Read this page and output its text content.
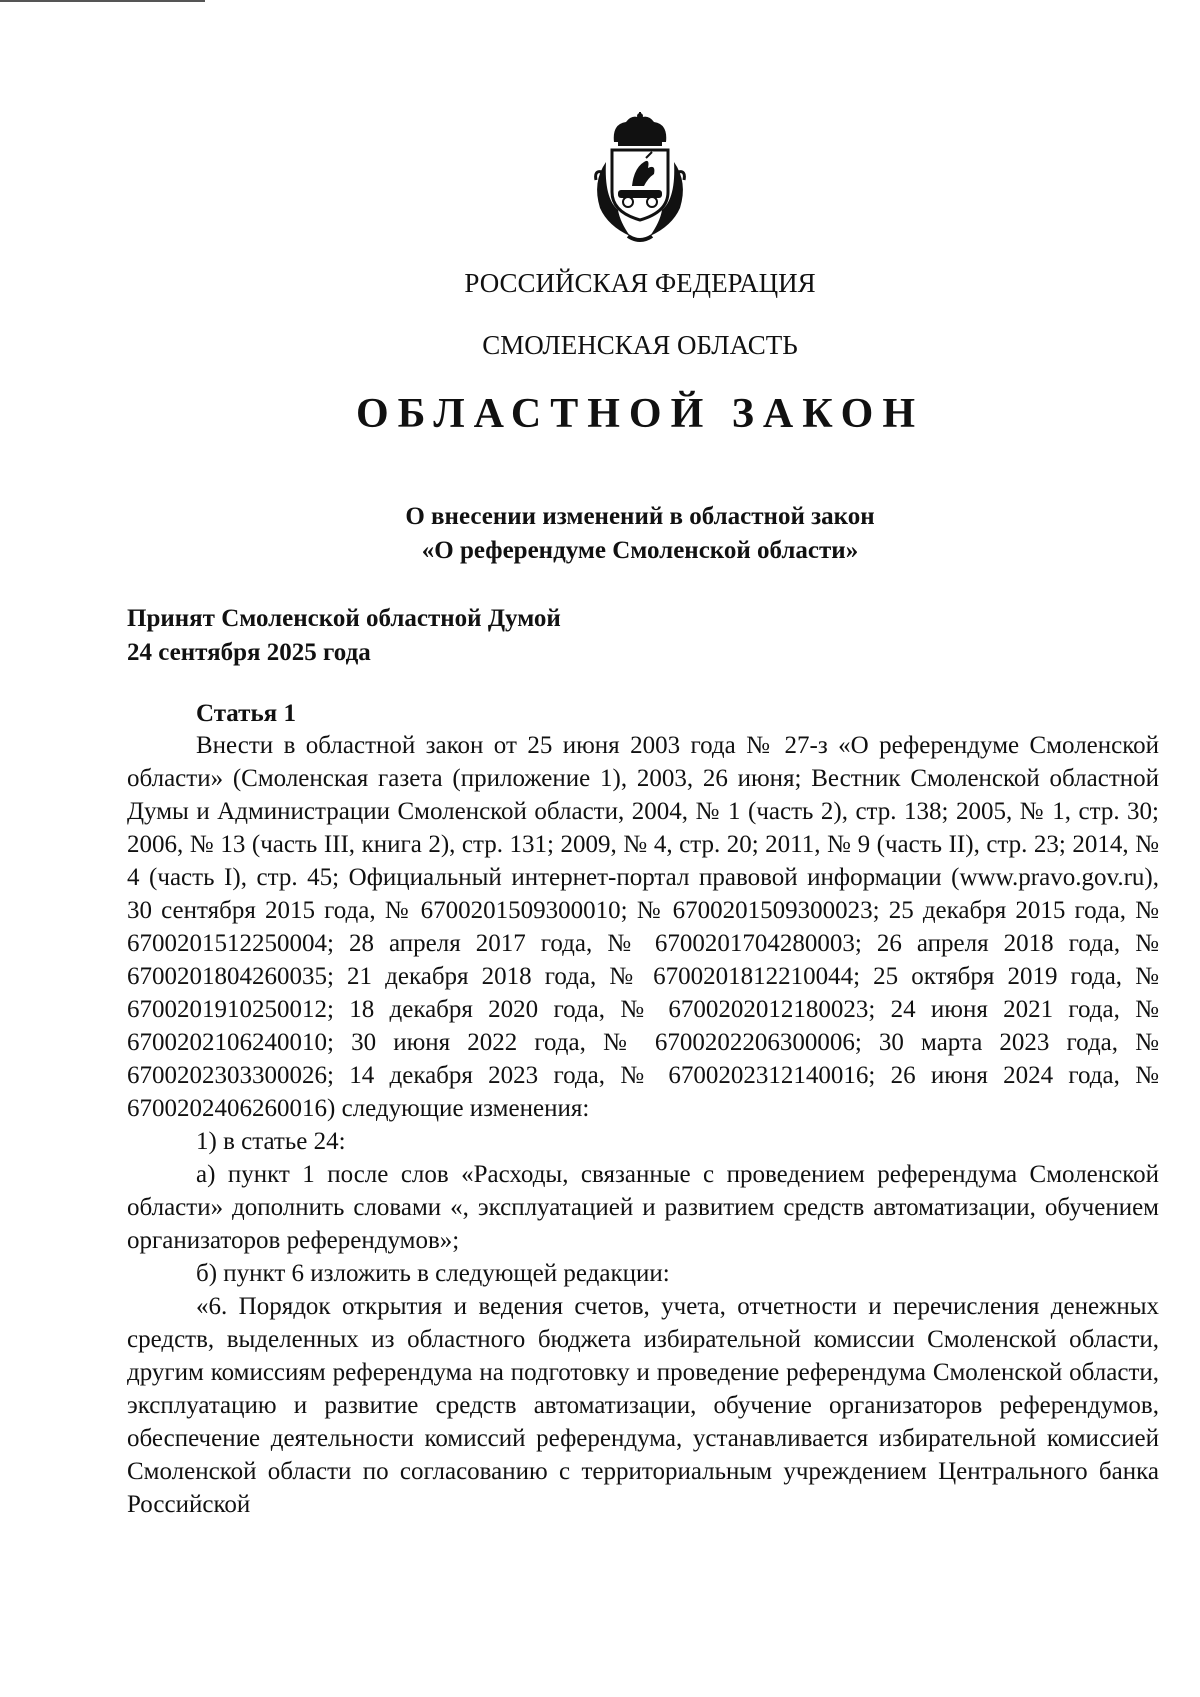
РОССИЙСКАЯ ФЕДЕРАЦИЯ
СМОЛЕНСКАЯ ОБЛАСТЬ
ОБЛАСТНОЙ ЗАКОН
О внесении изменений в областной закон
«О референдуме Смоленской области»
Принят Смоленской областной Думой
24 сентября 2025 года
Статья 1

Внести в областной закон от 25 июня 2003 года № 27-з «О референдуме Смоленской области» (Смоленская газета (приложение 1), 2003, 26 июня; Вестник Смоленской областной Думы и Администрации Смоленской области, 2004, № 1 (часть 2), стр. 138; 2005, № 1, стр. 30; 2006, № 13 (часть III, книга 2), стр. 131; 2009, № 4, стр. 20; 2011, № 9 (часть II), стр. 23; 2014, № 4 (часть I), стр. 45; Официальный интернет-портал правовой информации (www.pravo.gov.ru), 30 сентября 2015 года, № 6700201509300010; № 6700201509300023; 25 декабря 2015 года, № 6700201512250004; 28 апреля 2017 года, № 6700201704280003; 26 апреля 2018 года, № 6700201804260035; 21 декабря 2018 года, № 6700201812210044; 25 октября 2019 года, № 6700201910250012; 18 декабря 2020 года, № 6700202012180023; 24 июня 2021 года, № 6700202106240010; 30 июня 2022 года, № 6700202206300006; 30 марта 2023 года, № 6700202303300026; 14 декабря 2023 года, № 6700202312140016; 26 июня 2024 года, № 6700202406260016) следующие изменения:

1) в статье 24:

а) пункт 1 после слов «Расходы, связанные с проведением референдума Смоленской области» дополнить словами «, эксплуатацией и развитием средств автоматизации, обучением организаторов референдумов»;

б) пункт 6 изложить в следующей редакции:

«6. Порядок открытия и ведения счетов, учета, отчетности и перечисления денежных средств, выделенных из областного бюджета избирательной комиссии Смоленской области, другим комиссиям референдума на подготовку и проведение референдума Смоленской области, эксплуатацию и развитие средств автоматизации, обучение организаторов референдумов, обеспечение деятельности комиссий референдума, устанавливается избирательной комиссией Смоленской области по согласованию с территориальным учреждением Центрального банка Российской
